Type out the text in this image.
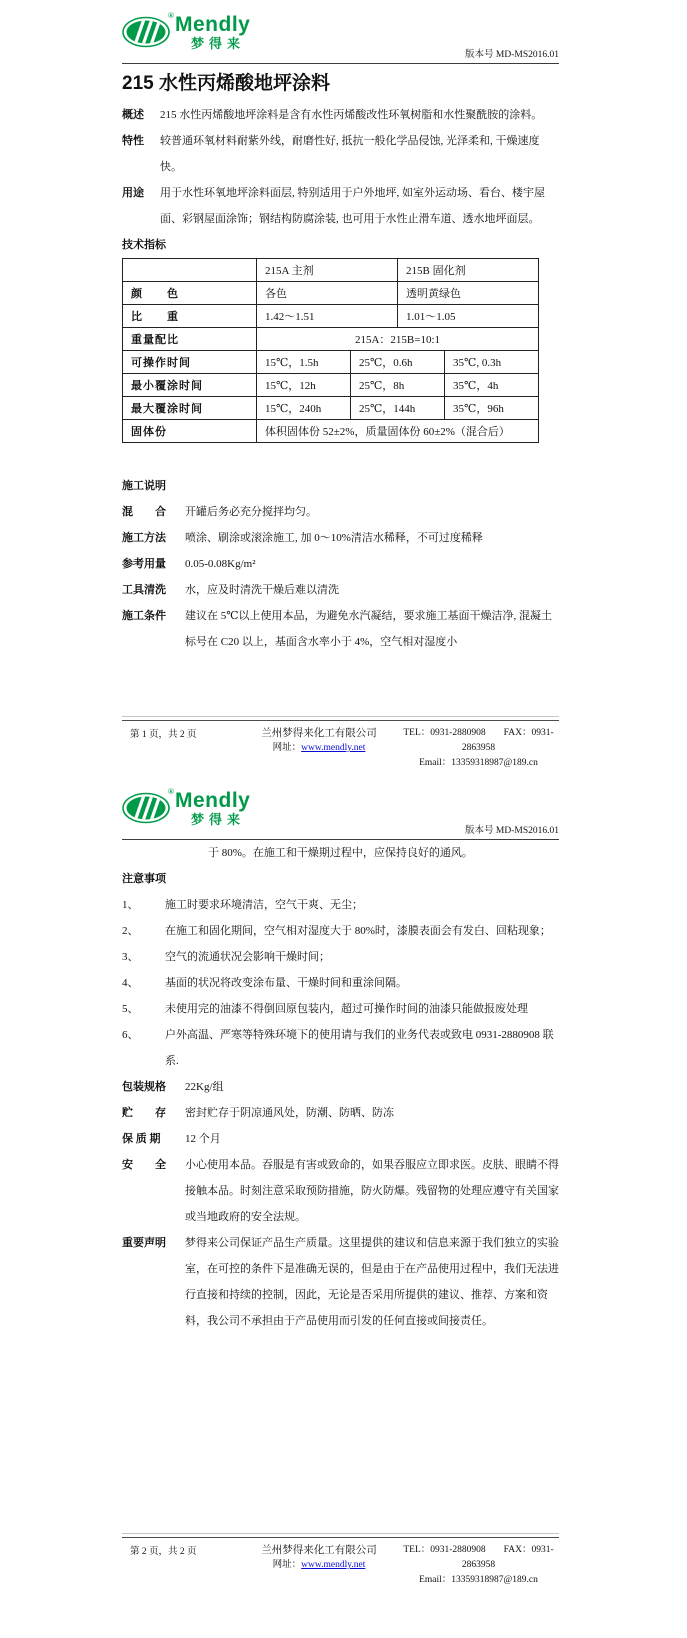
® Mendly
梦得来
版本号 MD-MS2016.01
215 水性丙烯酸地坪涂料
概述	215 水性丙烯酸地坪涂料是含有水性丙烯酸改性环氧树脂和水性聚酰胺的涂料。
特性	较普通环氧材料耐紫外线，耐磨性好, 抵抗一般化学品侵蚀, 光泽柔和, 干燥速度快。
用途	用于水性环氧地坪涂料面层, 特别适用于户外地坪, 如室外运动场、看台、楼宇屋面、彩钢屋面涂饰；钢结构防腐涂装, 也可用于水性止滑车道、透水地坪面层。
技术指标
	215A 主剂		215B 固化剂	
颜　　色	各色		透明黄绿色	
比　　重	1.42～1.51		1.01～1.05	
重量配比	215A：215B=10:1			
可操作时间	15℃，1.5h	25℃，0.6h		35℃, 0.3h
最小覆涂时间	15℃，12h	25℃，8h		35℃，4h
最大覆涂时间	15℃，240h	25℃，144h		35℃，96h
固体份	体积固体份 52±2%，质量固体份 60±2%（混合后）			
施工说明
混　　合	开罐后务必充分搅拌均匀。
施工方法	喷涂、刷涂或滚涂施工, 加 0～10%清洁水稀释，不可过度稀释
参考用量	0.05-0.08Kg/m²
工具清洗	水，应及时清洗干燥后难以清洗
施工条件	建议在 5℃以上使用本品，为避免水汽凝结，要求施工基面干燥洁净, 混凝土标号在 C20 以上，基面含水率小于 4%，空气相对湿度小
第 1 页，共 2 页	兰州梦得来化工有限公司
网址：www.mendly.net
TEL：0931-2880908 FAX：0931-2863958
Email：13359318987@189.cn
® Mendly
梦得来
版本号 MD-MS2016.01
于 80%。在施工和干燥期过程中，应保持良好的通风。
注意事项
1、	施工时要求环境清洁，空气干爽、无尘；
2、	在施工和固化期间，空气相对湿度大于 80%时，漆膜表面会有发白、回粘现象；
3、	空气的流通状况会影响干燥时间；
4、	基面的状况将改变涂布量、干燥时间和重涂间隔。
5、	未使用完的油漆不得倒回原包装内，超过可操作时间的油漆只能做报废处理
6、	户外高温、严寒等特殊环境下的使用请与我们的业务代表或致电 0931-2880908 联系.
包装规格	22Kg/组
贮　　存	密封贮存于阴凉通风处，防潮、防晒、防冻
保 质 期	12 个月
安　　全	小心使用本品。吞服是有害或致命的，如果吞服应立即求医。皮肤、眼睛不得接触本品。时刻注意采取预防措施，防火防爆。残留物的处理应遵守有关国家或当地政府的安全法规。
重要声明	梦得来公司保证产品生产质量。这里提供的建议和信息来源于我们独立的实验室，在可控的条件下是准确无误的，但是由于在产品使用过程中，我们无法进行直接和持续的控制，因此，无论是否采用所提供的建议、推荐、方案和资料，我公司不承担由于产品使用而引发的任何直接或间接责任。
第 2 页，共 2 页	兰州梦得来化工有限公司
网址：www.mendly.net
TEL：0931-2880908 FAX：0931-2863958
Email：13359318987@189.cn
